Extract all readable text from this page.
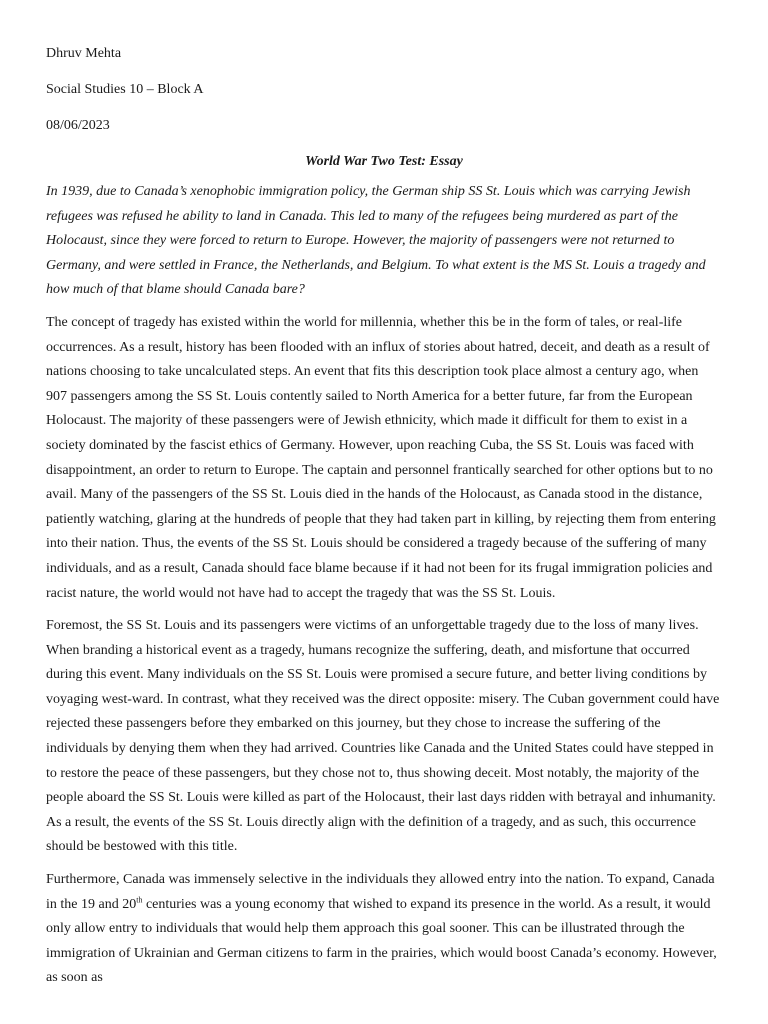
Dhruv Mehta

Social Studies 10 – Block A

08/06/2023

World War Two Test: Essay

In 1939, due to Canada’s xenophobic immigration policy, the German ship SS St. Louis which was carrying Jewish refugees was refused he ability to land in Canada. This led to many of the refugees being murdered as part of the Holocaust, since they were forced to return to Europe. However, the majority of passengers were not returned to Germany, and were settled in France, the Netherlands, and Belgium. To what extent is the MS St. Louis a tragedy and how much of that blame should Canada bare?

The concept of tragedy has existed within the world for millennia, whether this be in the form of tales, or real-life occurrences. As a result, history has been flooded with an influx of stories about hatred, deceit, and death as a result of nations choosing to take uncalculated steps. An event that fits this description took place almost a century ago, when 907 passengers among the SS St. Louis contently sailed to North America for a better future, far from the European Holocaust. The majority of these passengers were of Jewish ethnicity, which made it difficult for them to exist in a society dominated by the fascist ethics of Germany. However, upon reaching Cuba, the SS St. Louis was faced with disappointment, an order to return to Europe. The captain and personnel frantically searched for other options but to no avail. Many of the passengers of the SS St. Louis died in the hands of the Holocaust, as Canada stood in the distance, patiently watching, glaring at the hundreds of people that they had taken part in killing, by rejecting them from entering into their nation. Thus, the events of the SS St. Louis should be considered a tragedy because of the suffering of many individuals, and as a result, Canada should face blame because if it had not been for its frugal immigration policies and racist nature, the world would not have had to accept the tragedy that was the SS St. Louis.

Foremost, the SS St. Louis and its passengers were victims of an unforgettable tragedy due to the loss of many lives. When branding a historical event as a tragedy, humans recognize the suffering, death, and misfortune that occurred during this event. Many individuals on the SS St. Louis were promised a secure future, and better living conditions by voyaging west-ward. In contrast, what they received was the direct opposite: misery. The Cuban government could have rejected these passengers before they embarked on this journey, but they chose to increase the suffering of the individuals by denying them when they had arrived. Countries like Canada and the United States could have stepped in to restore the peace of these passengers, but they chose not to, thus showing deceit. Most notably, the majority of the people aboard the SS St. Louis were killed as part of the Holocaust, their last days ridden with betrayal and inhumanity. As a result, the events of the SS St. Louis directly align with the definition of a tragedy, and as such, this occurrence should be bestowed with this title.

Furthermore, Canada was immensely selective in the individuals they allowed entry into the nation. To expand, Canada in the 19 and 20th centuries was a young economy that wished to expand its presence in the world. As a result, it would only allow entry to individuals that would help them approach this goal sooner. This can be illustrated through the immigration of Ukrainian and German citizens to farm in the prairies, which would boost Canada’s economy. However, as soon as
